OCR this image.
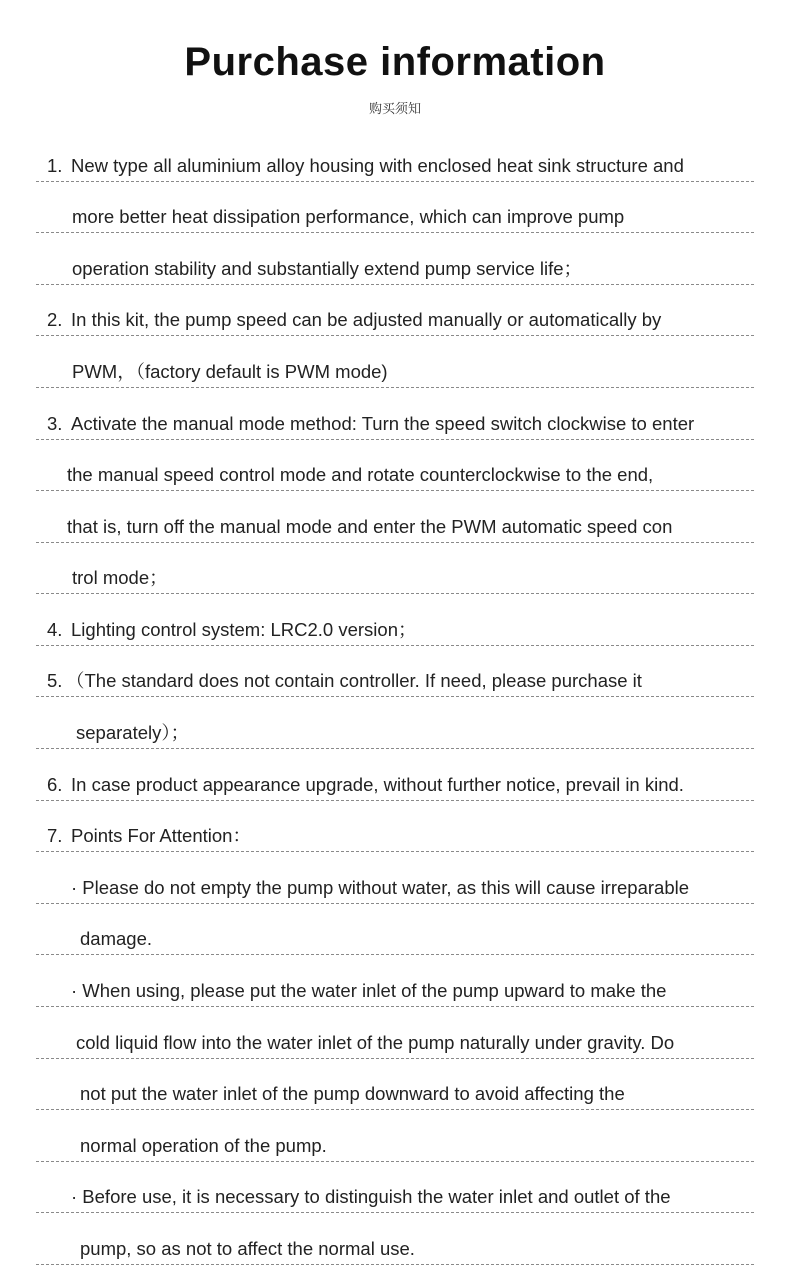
Purchase information
购买须知
1. New type all aluminium alloy housing with enclosed heat sink structure and
more better heat dissipation performance, which can improve pump
operation stability and substantially extend pump service life；
2. In this kit, the pump speed can be adjusted manually or automatically by
PWM，（factory default is PWM mode)
3. Activate the manual mode method: Turn the speed switch clockwise to enter
the manual speed control mode and rotate counterclockwise to the end,
that is, turn off the manual mode and enter the PWM automatic speed con
trol mode；
4. Lighting control system: LRC2.0 version；
5. （The standard does not contain controller. If need, please purchase it
separately）；
6. In case product appearance upgrade, without further notice, prevail in kind.
7. Points For Attention：
· Please do not empty the pump without water, as this will cause irreparable
damage.
· When using, please put the water inlet of the pump upward to make the
cold liquid flow into the water inlet of the pump naturally under gravity. Do
not put the water inlet of the pump downward to avoid affecting the
normal operation of the pump.
· Before use, it is necessary to distinguish the water inlet and outlet of the
pump, so as not to affect the normal use.
